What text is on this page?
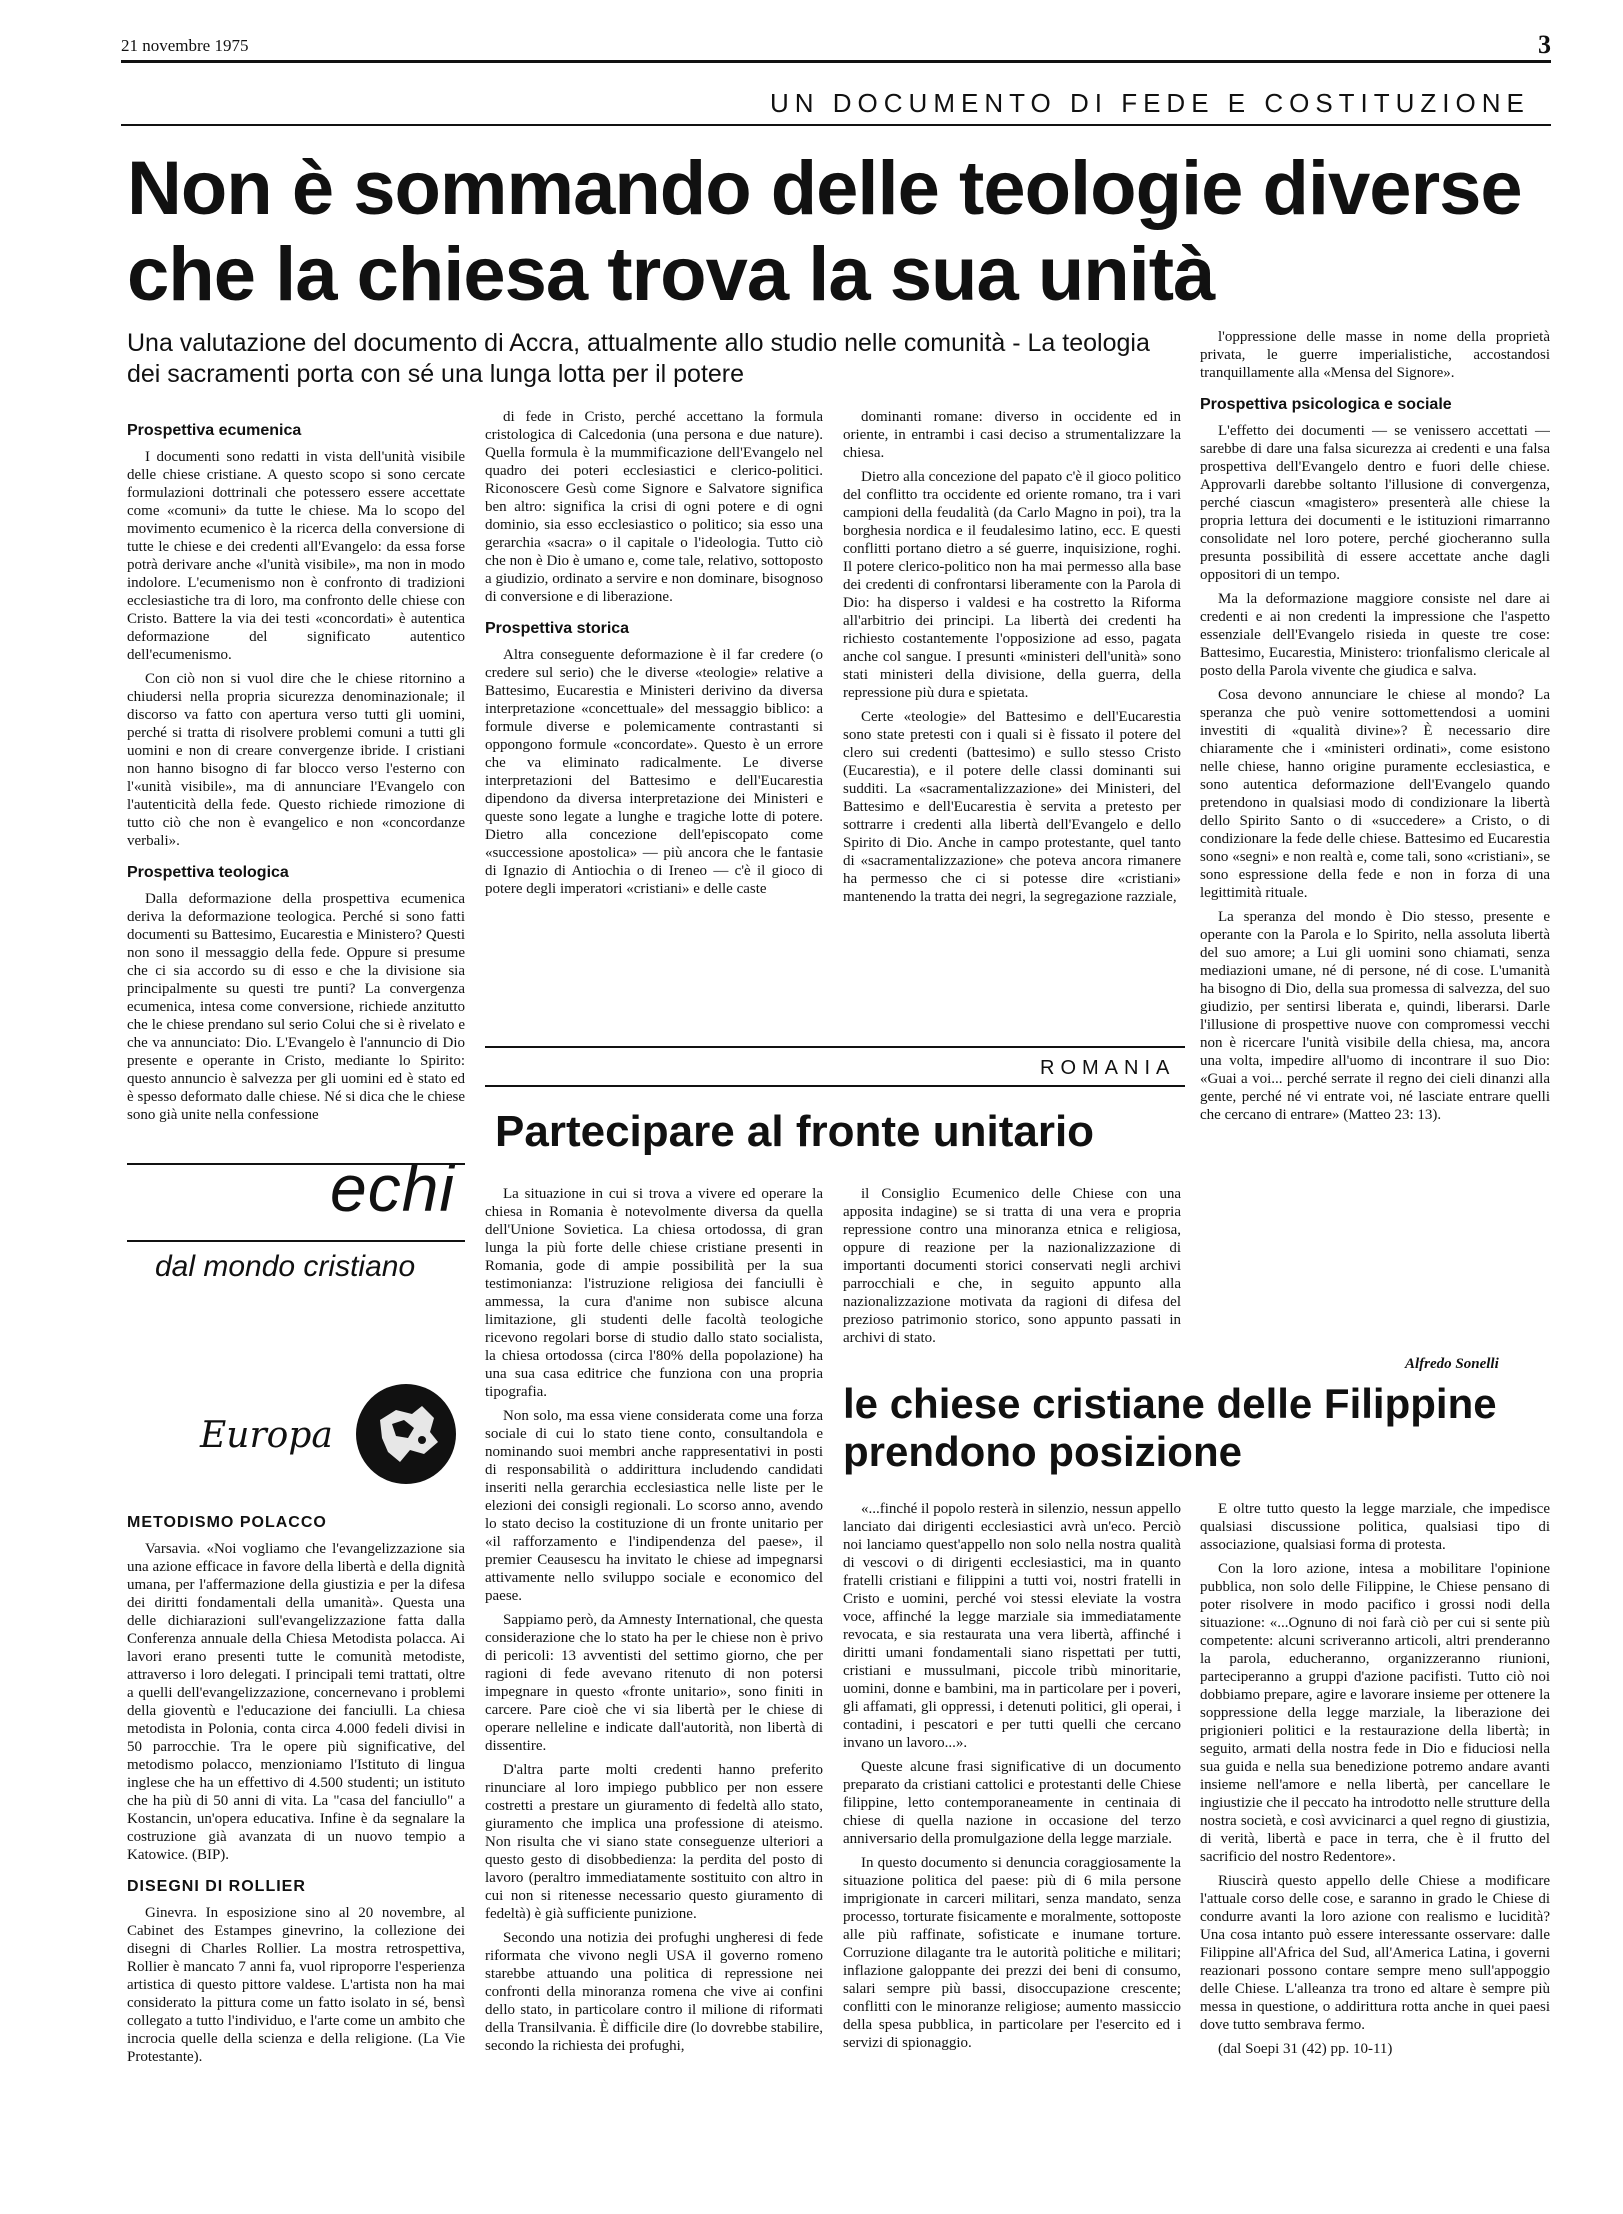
21 novembre 1975	3
UN DOCUMENTO DI FEDE E COSTITUZIONE
Non è sommando delle teologie diverse
che la chiesa trova la sua unità
Una valutazione del documento di Accra, attualmente allo studio nelle comunità - La teologia dei sacramenti porta con sé una lunga lotta per il potere
Prospettiva ecumenica

I documenti sono redatti in vista dell'unità visibile delle chiese cristiane. A questo scopo si sono cercate formulazioni dottrinali che potessero essere accettate come «comuni» da tutte le chiese. Ma lo scopo del movimento ecumenico è la ricerca della conversione di tutte le chiese e dei credenti all'Evangelo: da essa forse potrà derivare anche «l'unità visibile», ma non in modo indolore. L'ecumenismo non è confronto di tradizioni ecclesiastiche tra di loro, ma confronto delle chiese con Cristo. Battere la via dei testi «concordati» è autentica deformazione del significato autentico dell'ecumenismo.

Con ciò non si vuol dire che le chiese ritornino a chiudersi nella propria sicurezza denominazionale; il discorso va fatto con apertura verso tutti gli uomini, perché si tratta di risolvere problemi comuni a tutti gli uomini e non di creare convergenze ibride. I cristiani non hanno bisogno di far blocco verso l'esterno con l'«unità visibile», ma di annunciare l'Evangelo con l'autenticità della fede. Questo richiede rimozione di tutto ciò che non è evangelico e non «concordanze verbali».

Prospettiva teologica

Dalla deformazione della prospettiva ecumenica deriva la deformazione teologica. Perché si sono fatti documenti su Battesimo, Eucarestia e Ministero? Questi non sono il messaggio della fede. Oppure si presume che ci sia accordo su di esso e che la divisione sia principalmente su questi tre punti? La convergenza ecumenica, intesa come conversione, richiede anzitutto che le chiese prendano sul serio Colui che si è rivelato e che va annunciato: Dio. L'Evangelo è l'annuncio di Dio presente e operante in Cristo, mediante lo Spirito: questo annuncio è salvezza per gli uomini ed è stato ed è spesso deformato dalle chiese. Né si dica che le chiese sono già unite nella confessione

di fede in Cristo, perché accettano la formula cristologica di Calcedonia (una persona e due nature). Quella formula è la mummificazione dell'Evangelo nel quadro dei poteri ecclesiastici e clerico-politici. Riconoscere Gesù come Signore e Salvatore significa ben altro: significa la crisi di ogni potere e di ogni dominio, sia esso ecclesiastico o politico; sia esso una gerarchia «sacra» o il capitale o l'ideologia. Tutto ciò che non è Dio è umano e, come tale, relativo, sottoposto a giudizio, ordinato a servire e non dominare, bisognoso di conversione e di liberazione.

Prospettiva storica

Altra conseguente deformazione è il far credere (o credere sul serio) che le diverse «teologie» relative a Battesimo, Eucarestia e Ministeri derivino da diversa interpretazione «concettuale» del messaggio biblico: a formule diverse e polemicamente contrastanti si oppongono formule «concordate». Questo è un errore che va eliminato radicalmente. Le diverse interpretazioni del Battesimo e dell'Eucarestia dipendono da diversa interpretazione dei Ministeri e queste sono legate a lunghe e tragiche lotte di potere. Dietro alla concezione dell'episcopato come «successione apostolica» — più ancora che le fantasie di Ignazio di Antiochia o di Ireneo — c'è il gioco di potere degli imperatori «cristiani» e delle caste

dominanti romane: diverso in occidente ed in oriente, in entrambi i casi deciso a strumentalizzare la chiesa.

Dietro alla concezione del papato c'è il gioco politico del conflitto tra occidente ed oriente romano, tra i vari campioni della feudalità (da Carlo Magno in poi), tra la borghesia nordica e il feudalesimo latino, ecc. E questi conflitti portano dietro a sé guerre, inquisizione, roghi. Il potere clerico-politico non ha mai permesso alla base dei credenti di confrontarsi liberamente con la Parola di Dio: ha disperso i valdesi e ha costretto la Riforma all'arbitrio dei principi. La libertà dei credenti ha richiesto costantemente l'opposizione ad esso, pagata anche col sangue. I presunti «ministeri dell'unità» sono stati ministeri della divisione, della guerra, della repressione più dura e spietata.

Certe «teologie» del Battesimo e dell'Eucarestia sono state pretesti con i quali si è fissato il potere del clero sui credenti (battesimo) e sullo stesso Cristo (Eucarestia), e il potere delle classi dominanti sui sudditi. La «sacramentalizzazione» dei Ministeri, del Battesimo e dell'Eucarestia è servita a pretesto per sottrarre i credenti alla libertà dell'Evangelo e dello Spirito di Dio. Anche in campo protestante, quel tanto di «sacramentalizzazione» che poteva ancora rimanere ha permesso che ci si potesse dire «cristiani» mantenendo la tratta dei negri, la segregazione razziale,

l'oppressione delle masse in nome della proprietà privata, le guerre imperialistiche, accostandosi tranquillamente alla «Mensa del Signore».

Prospettiva psicologica e sociale

L'effetto dei documenti — se venissero accettati — sarebbe di dare una falsa sicurezza ai credenti e una falsa prospettiva dell'Evangelo dentro e fuori delle chiese. Approvarli darebbe soltanto l'illusione di convergenza, perché ciascun «magistero» presenterà alle chiese la propria lettura dei documenti e le istituzioni rimarranno consolidate nel loro potere, perché giocheranno sulla presunta possibilità di essere accettate anche dagli oppositori di un tempo.

Ma la deformazione maggiore consiste nel dare ai credenti e ai non credenti la impressione che l'aspetto essenziale dell'Evangelo risieda in queste tre cose: Battesimo, Eucarestia, Ministero: trionfalismo clericale al posto della Parola vivente che giudica e salva.

Cosa devono annunciare le chiese al mondo? La speranza che può venire sottomettendosi a uomini investiti di «qualità divine»? È necessario dire chiaramente che i «ministeri ordinati», come esistono nelle chiese, hanno origine puramente ecclesiastica, e sono autentica deformazione dell'Evangelo quando pretendono in qualsiasi modo di condizionare la libertà dello Spirito Santo o di «succedere» a Cristo, o di condizionare la fede delle chiese. Battesimo ed Eucarestia sono «segni» e non realtà e, come tali, sono «cristiani», se sono espressione della fede e non in forza di una legittimità rituale.

La speranza del mondo è Dio stesso, presente e operante con la Parola e lo Spirito, nella assoluta libertà del suo amore; a Lui gli uomini sono chiamati, senza mediazioni umane, né di persone, né di cose. L'umanità ha bisogno di Dio, della sua promessa di salvezza, del suo giudizio, per sentirsi liberata e, quindi, liberarsi. Darle l'illusione di prospettive nuove con compromessi vecchi non è ricercare l'unità visibile della chiesa, ma, ancora una volta, impedire all'uomo di incontrare il suo Dio: «Guai a voi... perché serrate il regno dei cieli dinanzi alla gente, perché né vi entrate voi, né lasciate entrare quelli che cercano di entrare» (Matteo 23: 13).

Alfredo Sonelli
ROMANIA
Partecipare al fronte unitario

La situazione in cui si trova a vivere ed operare la chiesa in Romania è notevolmente diversa da quella dell'Unione Sovietica. La chiesa ortodossa, di gran lunga la più forte delle chiese cristiane presenti in Romania, gode di ampie possibilità per la sua testimonianza: l'istruzione religiosa dei fanciulli è ammessa, la cura d'anime non subisce alcuna limitazione, gli studenti delle facoltà teologiche ricevono regolari borse di studio dallo stato socialista, la chiesa ortodossa (circa l'80% della popolazione) ha una sua casa editrice che funziona con una propria tipografia.

Non solo, ma essa viene considerata come una forza sociale di cui lo stato tiene conto, consultandola e nominando suoi membri anche rappresentativi in posti di responsabilità o addirittura includendo candidati inseriti nella gerarchia ecclesiastica nelle liste per le elezioni dei consigli regionali. Lo scorso anno, avendo lo stato deciso la costituzione di un fronte unitario per «il rafforzamento e l'indipendenza del paese», il premier Ceausescu ha invitato le chiese ad impegnarsi attivamente nello sviluppo sociale e economico del paese.

Sappiamo però, da Amnesty International, che questa considerazione che lo stato ha per le chiese non è privo di pericoli: 13 avventisti del settimo giorno, che per ragioni di fede avevano ritenuto di non potersi impegnare in questo «fronte unitario», sono finiti in carcere. Pare cioè che vi sia libertà per le chiese di operare nelleline e indicate dall'autorità, non libertà di dissentire.

D'altra parte molti credenti hanno preferito rinunciare al loro impiego pubblico per non essere costretti a prestare un giuramento di fedeltà allo stato, giuramento che implica una professione di ateismo. Non risulta che vi siano state conseguenze ulteriori a questo gesto di disobbedienza: la perdita del posto di lavoro (peraltro immediatamente sostituito con altro in cui non si ritenesse necessario questo giuramento di fedeltà) è già sufficiente punizione.

Secondo una notizia dei profughi ungheresi di fede riformata che vivono negli USA il governo romeno starebbe attuando una politica di repressione nei confronti della minoranza romena che vive ai confini dello stato, in particolare contro il milione di riformati della Transilvania. È difficile dire (lo dovrebbe stabilire, secondo la richiesta dei profughi,

il Consiglio Ecumenico delle Chiese con una apposita indagine) se si tratta di una vera e propria repressione contro una minoranza etnica e religiosa, oppure di reazione per la nazionalizzazione di importanti documenti storici conservati negli archivi parrocchiali e che, in seguito appunto alla nazionalizzazione motivata da ragioni di difesa del prezioso patrimonio storico, sono appunto passati in archivi di stato.

echi
dal mondo cristiano
Europa
METODISMO POLACCO

Varsavia. «Noi vogliamo che l'evangelizzazione sia una azione efficace in favore della libertà e della dignità umana, per l'affermazione della giustizia e per la difesa dei diritti fondamentali della umanità». Questa una delle dichiarazioni sull'evangelizzazione fatta dalla Conferenza annuale della Chiesa Metodista polacca. Ai lavori erano presenti tutte le comunità metodiste, attraverso i loro delegati. I principali temi trattati, oltre a quelli dell'evangelizzazione, concernevano i problemi della gioventù e l'educazione dei fanciulli. La chiesa metodista in Polonia, conta circa 4.000 fedeli divisi in 50 parrocchie. Tra le opere più significative, del metodismo polacco, menzioniamo l'Istituto di lingua inglese che ha un effettivo di 4.500 studenti; un istituto che ha più di 50 anni di vita. La "casa del fanciullo" a Kostancin, un'opera educativa. Infine è da segnalare la costruzione già avanzata di un nuovo tempio a Katowice. (BIP).

DISEGNI DI ROLLIER

Ginevra. In esposizione sino al 20 novembre, al Cabinet des Estampes ginevrino, la collezione dei disegni di Charles Rollier. La mostra retrospettiva, Rollier è mancato 7 anni fa, vuol riproporre l'esperienza artistica di questo pittore valdese. L'artista non ha mai considerato la pittura come un fatto isolato in sé, bensì collegato a tutto l'individuo, e l'arte come un ambito che incrocia quelle della scienza e della religione. (La Vie Protestante).

le chiese cristiane delle Filippine
prendono posizione

«...finché il popolo resterà in silenzio, nessun appello lanciato dai dirigenti ecclesiastici avrà un'eco. Perciò noi lanciamo quest'appello non solo nella nostra qualità di vescovi o di dirigenti ecclesiastici, ma in quanto fratelli cristiani e filippini a tutti voi, nostri fratelli in Cristo e uomini, perché voi stessi eleviate la vostra voce, affinché la legge marziale sia immediatamente revocata, e sia restaurata una vera libertà, affinché i diritti umani fondamentali siano rispettati per tutti, cristiani e mussulmani, piccole tribù minoritarie, uomini, donne e bambini, ma in particolare per i poveri, gli affamati, gli oppressi, i detenuti politici, gli operai, i contadini, i pescatori e per tutti quelli che cercano invano un lavoro...».

Queste alcune frasi significative di un documento preparato da cristiani cattolici e protestanti delle Chiese filippine, letto contemporaneamente in centinaia di chiese di quella nazione in occasione del terzo anniversario della promulgazione della legge marziale.

In questo documento si denuncia coraggiosamente la situazione politica del paese: più di 6 mila persone imprigionate in carceri militari, senza mandato, senza processo, torturate fisicamente e moralmente, sottoposte alle più raffinate, sofisticate e inumane torture. Corruzione dilagante tra le autorità politiche e militari; inflazione galoppante dei prezzi dei beni di consumo, salari sempre più bassi, disoccupazione crescente; conflitti con le minoranze religiose; aumento massiccio della spesa pubblica, in particolare per l'esercito ed i servizi di spionaggio.

E oltre tutto questo la legge marziale, che impedisce qualsiasi discussione politica, qualsiasi tipo di associazione, qualsiasi forma di protesta.

Con la loro azione, intesa a mobilitare l'opinione pubblica, non solo delle Filippine, le Chiese pensano di poter risolvere in modo pacifico i grossi nodi della situazione: «...Ognuno di noi farà ciò per cui si sente più competente: alcuni scriveranno articoli, altri prenderanno la parola, educheranno, organizzeranno riunioni, parteciperanno a gruppi d'azione pacifisti. Tutto ciò noi dobbiamo prepare, agire e lavorare insieme per ottenere la soppressione della legge marziale, la liberazione dei prigionieri politici e la restaurazione della libertà; in seguito, armati della nostra fede in Dio e fiduciosi nella sua guida e nella sua benedizione potremo andare avanti insieme nell'amore e nella libertà, per cancellare le ingiustizie che il peccato ha introdotto nelle strutture della nostra società, e così avvicinarci a quel regno di giustizia, di verità, libertà e pace in terra, che è il frutto del sacrificio del nostro Redentore».

Riuscirà questo appello delle Chiese a modificare l'attuale corso delle cose, e saranno in grado le Chiese di condurre avanti la loro azione con realismo e lucidità? Una cosa intanto può essere interessante osservare: dalle Filippine all'Africa del Sud, all'America Latina, i governi reazionari possono contare sempre meno sull'appoggio delle Chiese. L'alleanza tra trono ed altare è sempre più messa in questione, o addirittura rotta anche in quei paesi dove tutto sembrava fermo.

(dal Soepi 31 (42) pp. 10-11)
